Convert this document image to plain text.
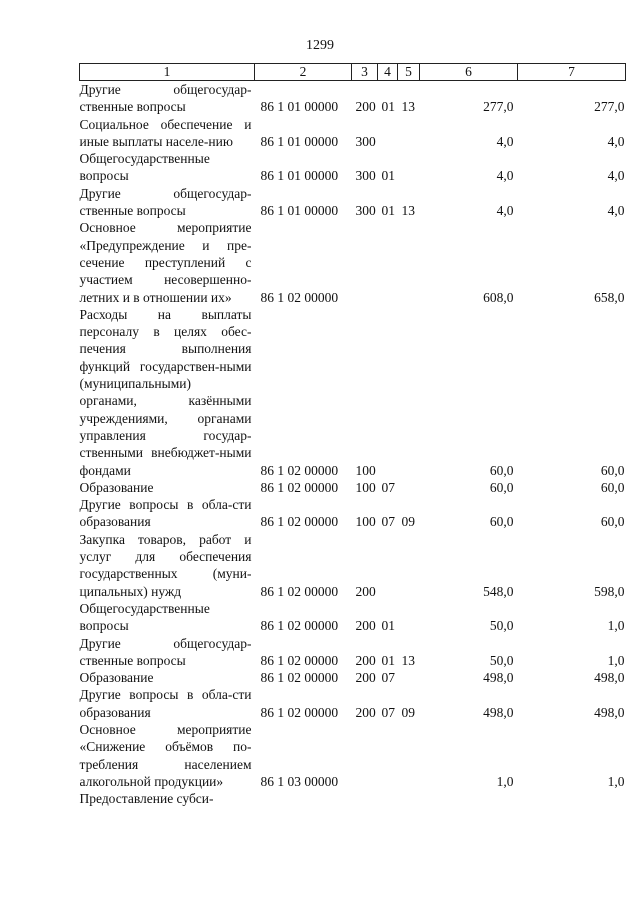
1299
1	2	3	4	5	6	7
Другие общегосудар-ственные вопросы	86 1 01 00000	200	01	13	277,0	277,0
Социальное обеспечение и иные выплаты населе-нию	86 1 01 00000	300			4,0	4,0
Общегосударственные вопросы	86 1 01 00000	300	01		4,0	4,0
Другие общегосудар-ственные вопросы	86 1 01 00000	300	01	13	4,0	4,0
Основное мероприятие «Предупреждение и пре-сечение преступлений с участием несовершенно-летних и в отношении их»	86 1 02 00000				608,0	658,0
Расходы на выплаты персоналу в целях обес-печения выполнения функций государствен-ными (муниципальными) органами, казёнными учреждениями, органами управления государ-ственными внебюджет-ными фондами	86 1 02 00000	100			60,0	60,0
Образование	86 1 02 00000	100	07		60,0	60,0
Другие вопросы в обла-сти образования	86 1 02 00000	100	07	09	60,0	60,0
Закупка товаров, работ и услуг для обеспечения государственных (муни-ципальных) нужд	86 1 02 00000	200			548,0	598,0
Общегосударственные вопросы	86 1 02 00000	200	01		50,0	1,0
Другие общегосудар-ственные вопросы	86 1 02 00000	200	01	13	50,0	1,0
Образование	86 1 02 00000	200	07		498,0	498,0
Другие вопросы в обла-сти образования	86 1 02 00000	200	07	09	498,0	498,0
Основное мероприятие «Снижение объёмов по-требления населением алкогольной продукции»	86 1 03 00000				1,0	1,0
Предоставление субси-						
